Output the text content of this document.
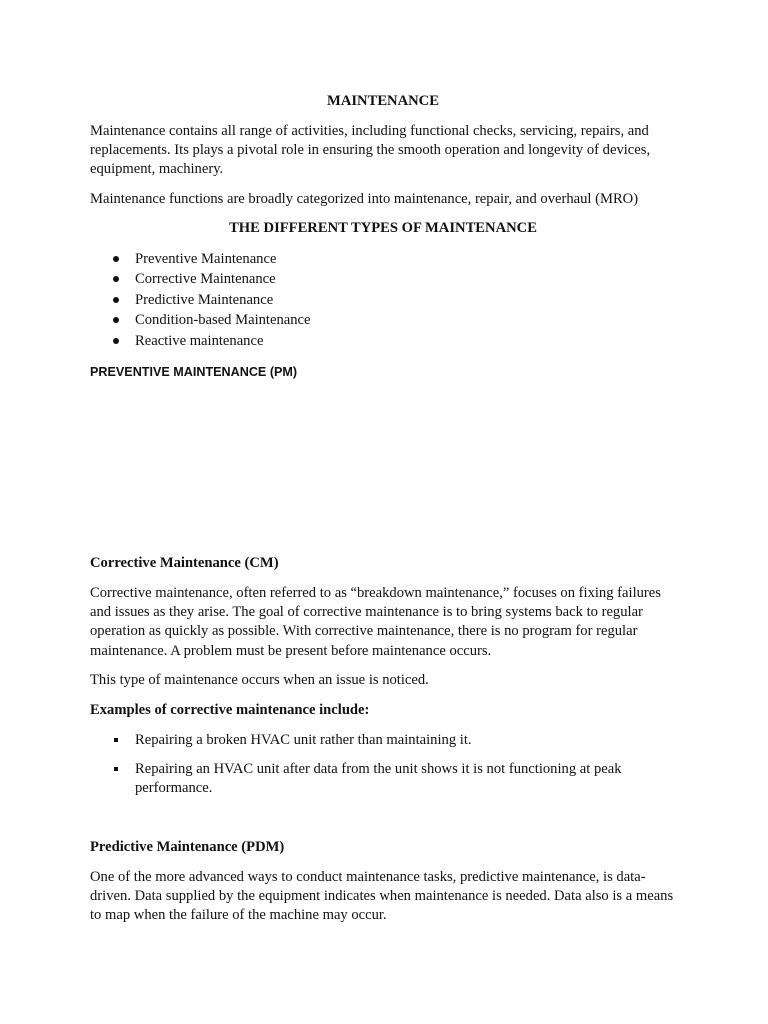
MAINTENANCE
Maintenance contains all range of activities, including functional checks, servicing, repairs, and replacements. Its plays a pivotal role in ensuring the smooth operation and longevity of devices, equipment, machinery.
Maintenance functions are broadly categorized into maintenance, repair, and overhaul (MRO)
THE DIFFERENT TYPES OF MAINTENANCE
Preventive Maintenance
Corrective Maintenance
Predictive Maintenance
Condition-based Maintenance
Reactive maintenance
PREVENTIVE MAINTENANCE (PM)
Corrective Maintenance (CM)
Corrective maintenance, often referred to as “breakdown maintenance,” focuses on fixing failures and issues as they arise. The goal of corrective maintenance is to bring systems back to regular operation as quickly as possible. With corrective maintenance, there is no program for regular maintenance. A problem must be present before maintenance occurs.
This type of maintenance occurs when an issue is noticed.
Examples of corrective maintenance include:
Repairing a broken HVAC unit rather than maintaining it.
Repairing an HVAC unit after data from the unit shows it is not functioning at peak performance.
Predictive Maintenance (PDM)
One of the more advanced ways to conduct maintenance tasks, predictive maintenance, is data-driven. Data supplied by the equipment indicates when maintenance is needed. Data also is a means to map when the failure of the machine may occur.
